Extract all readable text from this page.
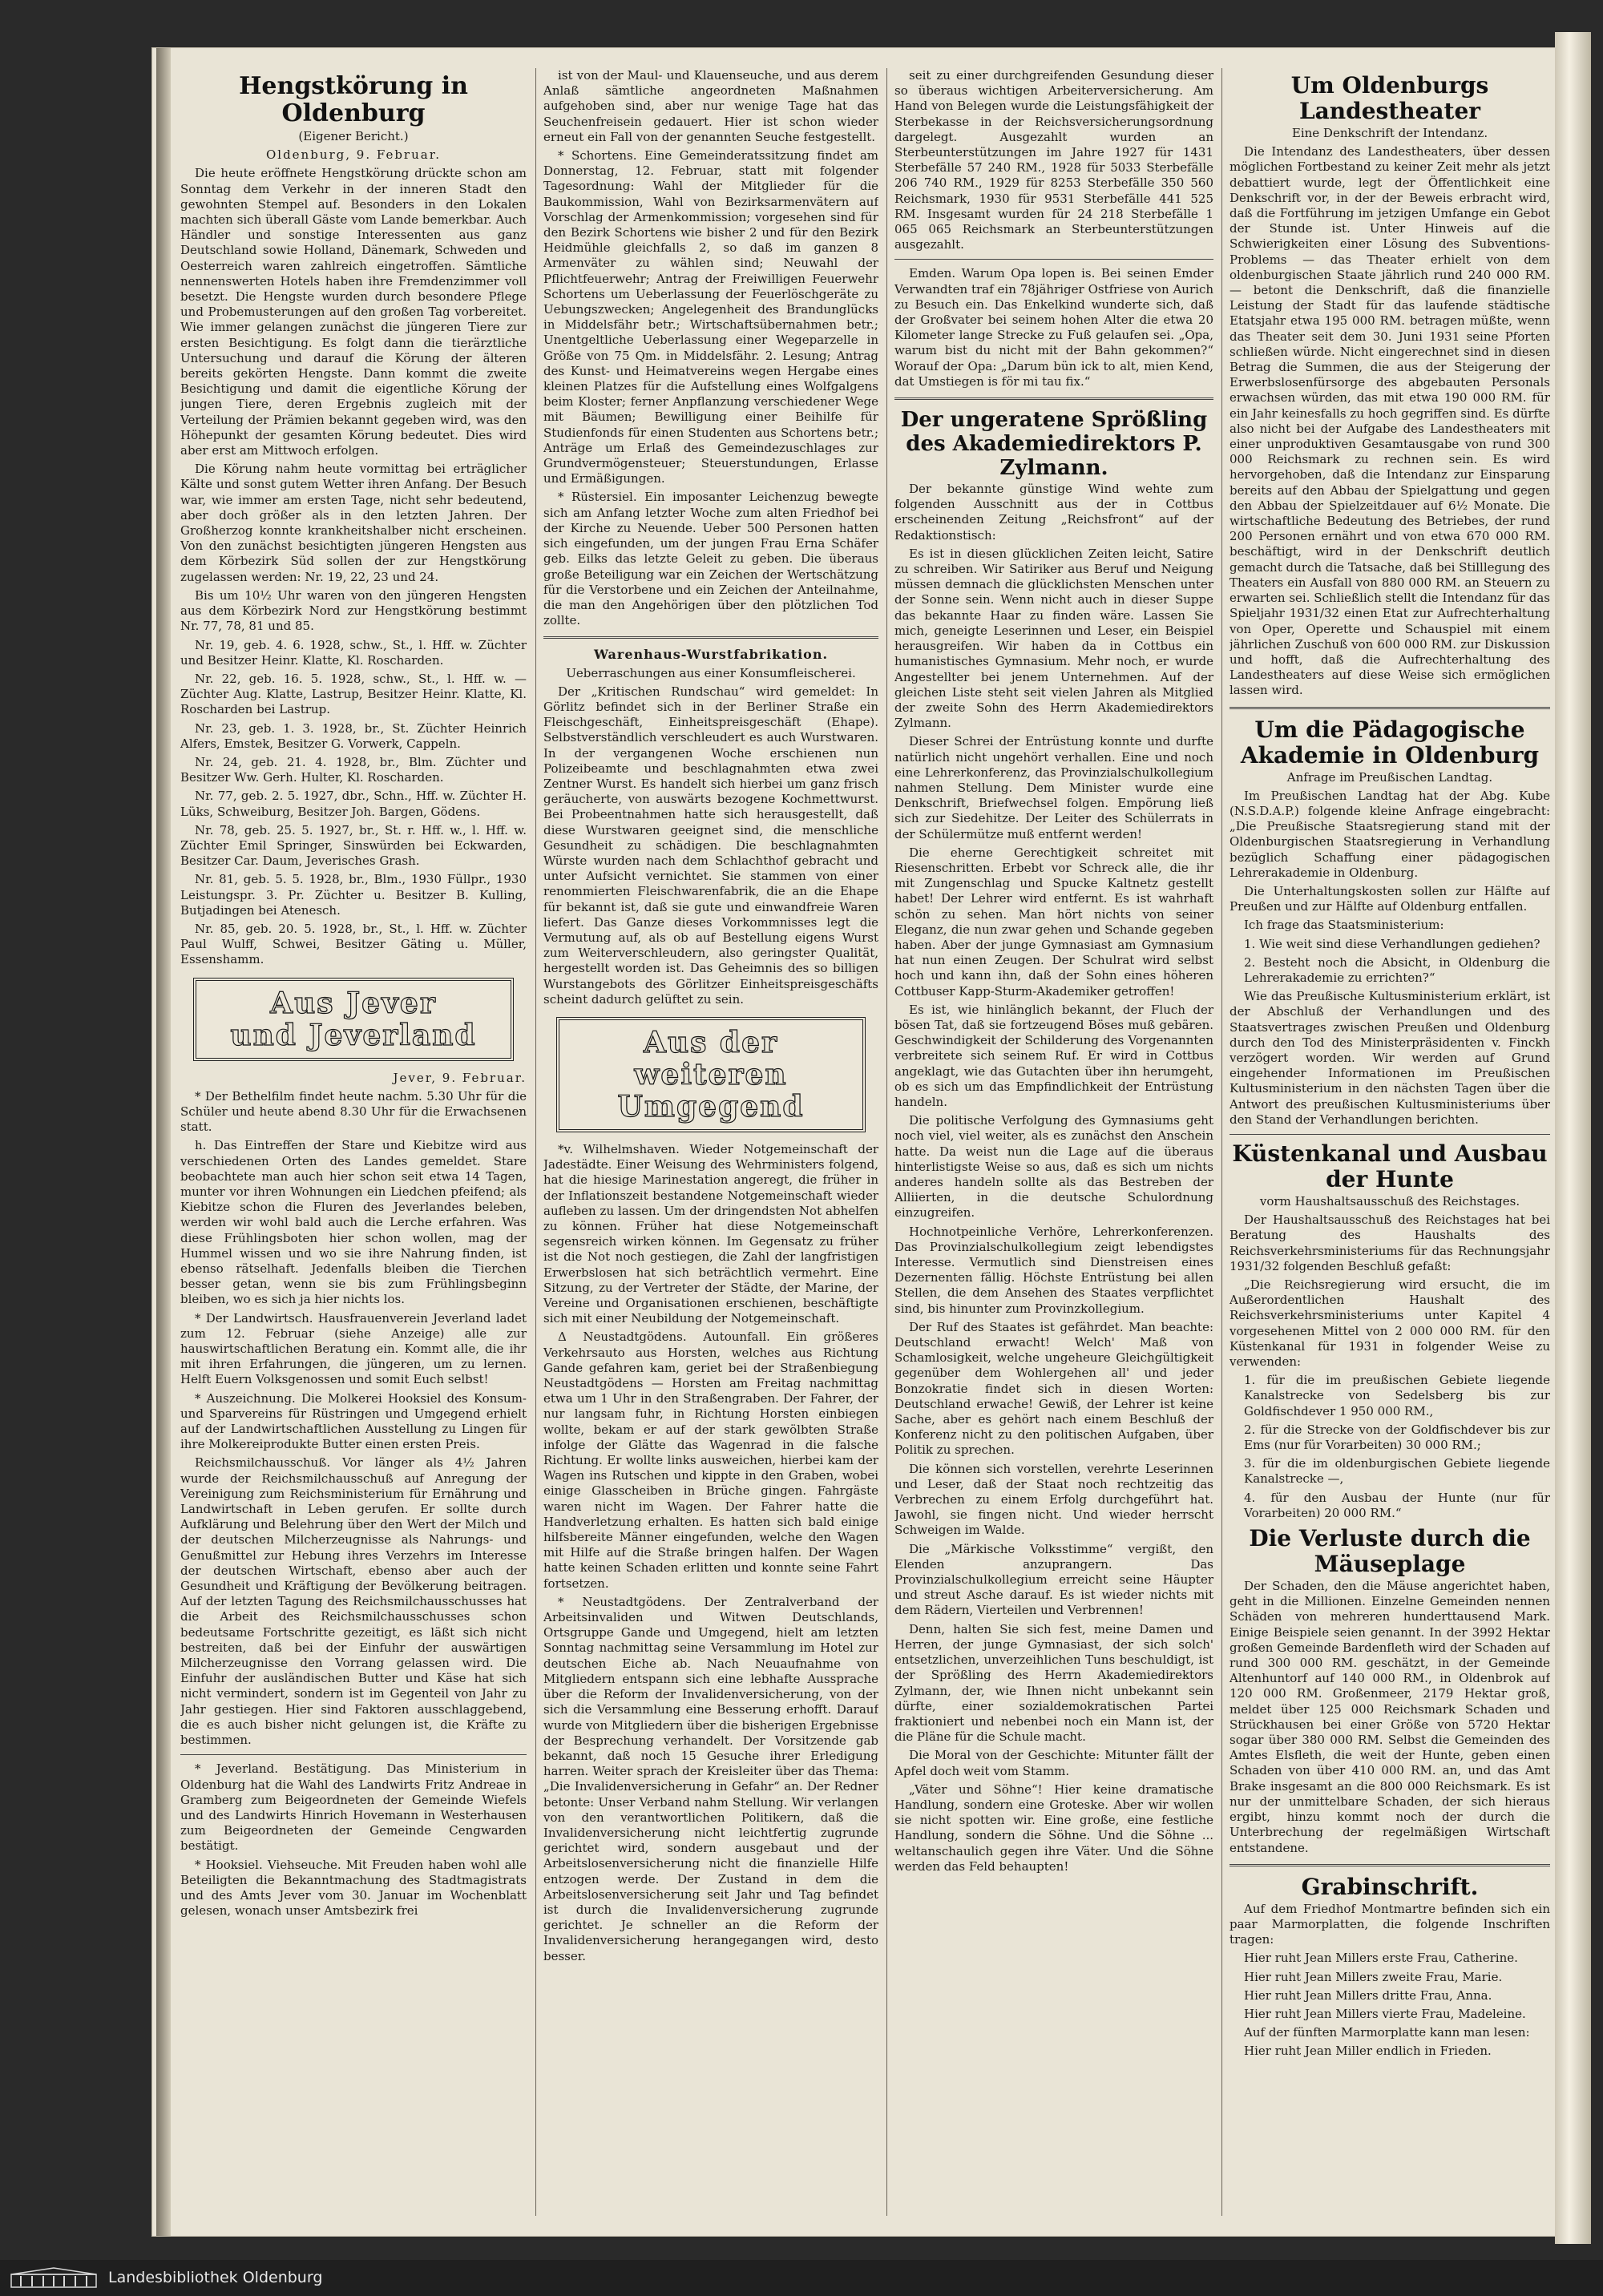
Hengstkörung in Oldenburg
(Eigener Bericht.)
Oldenburg, 9. Februar.

Die heute eröffnete Hengstkörung drückte schon am Sonntag dem Verkehr in der inneren Stadt den gewohnten Stempel auf. Besonders in den Lokalen machten sich überall Gäste vom Lande bemerkbar. Auch Händler und sonstige Interessenten aus ganz Deutschland sowie Holland, Dänemark, Schweden und Oesterreich waren zahlreich eingetroffen. Sämtliche nennenswerten Hotels haben ihre Fremdenzimmer voll besetzt. Die Hengste wurden durch besondere Pflege und Probemusterungen auf den großen Tag vorbereitet. Wie immer gelangen zunächst die jüngeren Tiere zur ersten Besichtigung. Es folgt dann die tierärztliche Untersuchung und darauf die Körung der älteren bereits gekörten Hengste. Dann kommt die zweite Besichtigung und damit die eigentliche Körung der jungen Tiere, deren Ergebnis zugleich mit der Verteilung der Prämien bekannt gegeben wird, was den Höhepunkt der gesamten Körung bedeutet. Dies wird aber erst am Mittwoch erfolgen.

Die Körung nahm heute vormittag bei erträglicher Kälte und sonst gutem Wetter ihren Anfang. Der Besuch war, wie immer am ersten Tage, nicht sehr bedeutend, aber doch größer als in den letzten Jahren. Der Großherzog konnte krankheitshalber nicht erscheinen. Von den zunächst besichtigten jüngeren Hengsten aus dem Körbezirk Süd sollen der zur Hengstkörung zugelassen werden: Nr. 19, 22, 23 und 24.

Bis um 10½ Uhr waren von den jüngeren Hengsten aus dem Körbezirk Nord zur Hengstkörung bestimmt Nr. 77, 78, 81 und 85.

Nr. 19, geb. 4. 6. 1928, schw., St., l. Hff. w. Züchter und Besitzer Heinr. Klatte, Kl. Roscharden.

Nr. 22, geb. 16. 5. 1928, schw., St., l. Hff. w. — Züchter Aug. Klatte, Lastrup, Besitzer Heinr. Klatte, Kl. Roscharden bei Lastrup.

Nr. 23, geb. 1. 3. 1928, br., St. Züchter Heinrich Alfers, Emstek, Besitzer G. Vorwerk, Cappeln.

Nr. 24, geb. 21. 4. 1928, br., Blm. Züchter und Besitzer Ww. Gerh. Hulter, Kl. Roscharden.

Nr. 77, geb. 2. 5. 1927, dbr., Schn., Hff. w. Züchter H. Lüks, Schweiburg, Besitzer Joh. Bargen, Gödens.

Nr. 78, geb. 25. 5. 1927, br., St. r. Hff. w., l. Hff. w. Züchter Emil Springer, Sinswürden bei Eckwarden, Besitzer Car. Daum, Jeverisches Grash.

Nr. 81, geb. 5. 5. 1928, br., Blm., 1930 Füllpr., 1930 Leistungspr. 3. Pr. Züchter u. Besitzer B. Kulling, Butjadingen bei Atenesch.

Nr. 85, geb. 20. 5. 1928, br., St., l. Hff. w. Züchter Paul Wulff, Schwei, Besitzer Gäting u. Müller, Essenshamm.

Aus Jever
und Jeverland
Jever, 9. Februar.

* Der Bethelfilm findet heute nachm. 5.30 Uhr für die Schüler und heute abend 8.30 Uhr für die Erwachsenen statt.

h. Das Eintreffen der Stare und Kiebitze wird aus verschiedenen Orten des Landes gemeldet. Stare beobachtete man auch hier schon seit etwa 14 Tagen, munter vor ihren Wohnungen ein Liedchen pfeifend; als Kiebitze schon die Fluren des Jeverlandes beleben, werden wir wohl bald auch die Lerche erfahren. Was diese Frühlingsboten hier schon wollen, mag der Hummel wissen und wo sie ihre Nahrung finden, ist ebenso rätselhaft. Jedenfalls bleiben die Tierchen besser getan, wenn sie bis zum Frühlingsbeginn bleiben, wo es sich ja hier nichts los.

* Der Landwirtsch. Hausfrauenverein Jeverland ladet zum 12. Februar (siehe Anzeige) alle zur hauswirtschaftlichen Beratung ein. Kommt alle, die ihr mit ihren Erfahrungen, die jüngeren, um zu lernen. Helft Euern Volksgenossen und somit Euch selbst!

* Auszeichnung. Die Molkerei Hooksiel des Konsum- und Sparvereins für Rüstringen und Umgegend erhielt auf der Landwirtschaftlichen Ausstellung zu Lingen für ihre Molkereiprodukte Butter einen ersten Preis.

Reichsmilchausschuß. Vor länger als 4½ Jahren wurde der Reichsmilchausschuß auf Anregung der Vereinigung zum Reichsministerium für Ernährung und Landwirtschaft in Leben gerufen. Er sollte durch Aufklärung und Belehrung über den Wert der Milch und der deutschen Milcherzeugnisse als Nahrungs- und Genußmittel zur Hebung ihres Verzehrs im Interesse der deutschen Wirtschaft, ebenso aber auch der Gesundheit und Kräftigung der Bevölkerung beitragen. Auf der letzten Tagung des Reichsmilchausschusses hat die Arbeit des Reichsmilchausschusses schon bedeutsame Fortschritte gezeitigt, es läßt sich nicht bestreiten, daß bei der Einfuhr der auswärtigen Milcherzeugnisse den Vorrang gelassen wird. Die Einfuhr der ausländischen Butter und Käse hat sich nicht vermindert, sondern ist im Gegenteil von Jahr zu Jahr gestiegen. Hier sind Faktoren ausschlaggebend, die es auch bisher nicht gelungen ist, die Kräfte zu bestimmen.

* Jeverland. Bestätigung. Das Ministerium in Oldenburg hat die Wahl des Landwirts Fritz Andreae in Gramberg zum Beigeordneten der Gemeinde Wiefels und des Landwirts Hinrich Hovemann in Westerhausen zum Beigeordneten der Gemeinde Cengwarden bestätigt.

* Hooksiel. Viehseuche. Mit Freuden haben wohl alle Beteiligten die Bekanntmachung des Stadtmagistrats und des Amts Jever vom 30. Januar im Wochenblatt gelesen, wonach unser Amtsbezirk frei

ist von der Maul- und Klauenseuche, und aus derem Anlaß sämtliche angeordneten Maßnahmen aufgehoben sind, aber nur wenige Tage hat das Seuchenfreisein gedauert. Hier ist schon wieder erneut ein Fall von der genannten Seuche festgestellt.

* Schortens. Eine Gemeinderatssitzung findet am Donnerstag, 12. Februar, statt mit folgender Tagesordnung: Wahl der Mitglieder für die Baukommission, Wahl von Bezirksarmenvätern auf Vorschlag der Armenkommission; vorgesehen sind für den Bezirk Schortens wie bisher 2 und für den Bezirk Heidmühle gleichfalls 2, so daß im ganzen 8 Armenväter zu wählen sind; Neuwahl der Pflichtfeuerwehr; Antrag der Freiwilligen Feuerwehr Schortens um Ueberlassung der Feuerlöschgeräte zu Uebungszwecken; Angelegenheit des Brandunglücks in Middelsfähr betr.; Wirtschaftsübernahmen betr.; Unentgeltliche Ueberlassung einer Wegeparzelle in Größe von 75 Qm. in Middelsfähr. 2. Lesung; Antrag des Kunst- und Heimatvereins wegen Hergabe eines kleinen Platzes für die Aufstellung eines Wolfgalgens beim Kloster; ferner Anpflanzung verschiedener Wege mit Bäumen; Bewilligung einer Beihilfe für Studienfonds für einen Studenten aus Schortens betr.; Anträge um Erlaß des Gemeindezuschlages zur Grundvermögensteuer; Steuerstundungen, Erlasse und Ermäßigungen.

* Rüstersiel. Ein imposanter Leichenzug bewegte sich am Anfang letzter Woche zum alten Friedhof bei der Kirche zu Neuende. Ueber 500 Personen hatten sich eingefunden, um der jungen Frau Erna Schäfer geb. Eilks das letzte Geleit zu geben. Die überaus große Beteiligung war ein Zeichen der Wertschätzung für die Verstorbene und ein Zeichen der Anteilnahme, die man den Angehörigen über den plötzlichen Tod zollte.

Warenhaus-Wurstfabrikation.
Ueberraschungen aus einer Konsumfleischerei.

Der „Kritischen Rundschau“ wird gemeldet: In Görlitz befindet sich in der Berliner Straße ein Fleischgeschäft, Einheitspreisgeschäft (Ehape). Selbstverständlich verschleudert es auch Wurstwaren. In der vergangenen Woche erschienen nun Polizeibeamte und beschlagnahmten etwa zwei Zentner Wurst. Es handelt sich hierbei um ganz frisch geräucherte, von auswärts bezogene Kochmettwurst. Bei Probeentnahmen hatte sich herausgestellt, daß diese Wurstwaren geeignet sind, die menschliche Gesundheit zu schädigen. Die beschlagnahmten Würste wurden nach dem Schlachthof gebracht und unter Aufsicht vernichtet. Sie stammen von einer renommierten Fleischwarenfabrik, die an die Ehape für bekannt ist, daß sie gute und einwandfreie Waren liefert. Das Ganze dieses Vorkommnisses legt die Vermutung auf, als ob auf Bestellung eigens Wurst zum Weiterverschleudern, also geringster Qualität, hergestellt worden ist. Das Geheimnis des so billigen Wurstangebots des Görlitzer Einheitspreisgeschäfts scheint dadurch gelüftet zu sein.

Aus der weiteren
Umgegend

*v. Wilhelmshaven. Wieder Notgemeinschaft der Jadestädte. Einer Weisung des Wehrministers folgend, hat die hiesige Marinestation angeregt, die früher in der Inflationszeit bestandene Notgemeinschaft wieder aufleben zu lassen. Um der dringendsten Not abhelfen zu können. Früher hat diese Notgemeinschaft segensreich wirken können. Im Gegensatz zu früher ist die Not noch gestiegen, die Zahl der langfristigen Erwerbslosen hat sich beträchtlich vermehrt. Eine Sitzung, zu der Vertreter der Städte, der Marine, der Vereine und Organisationen erschienen, beschäftigte sich mit einer Neubildung der Notgemeinschaft.

Δ Neustadtgödens. Autounfall. Ein größeres Verkehrsauto aus Horsten, welches aus Richtung Gande gefahren kam, geriet bei der Straßenbiegung Neustadtgödens — Horsten am Freitag nachmittag etwa um 1 Uhr in den Straßengraben. Der Fahrer, der nur langsam fuhr, in Richtung Horsten einbiegen wollte, bekam er auf der stark gewölbten Straße infolge der Glätte das Wagenrad in die falsche Richtung. Er wollte links ausweichen, hierbei kam der Wagen ins Rutschen und kippte in den Graben, wobei einige Glasscheiben in Brüche gingen. Fahrgäste waren nicht im Wagen. Der Fahrer hatte die Handverletzung erhalten. Es hatten sich bald einige hilfsbereite Männer eingefunden, welche den Wagen mit Hilfe auf die Straße bringen halfen. Der Wagen hatte keinen Schaden erlitten und konnte seine Fahrt fortsetzen.

* Neustadtgödens. Der Zentralverband der Arbeitsinvaliden und Witwen Deutschlands, Ortsgruppe Gande und Umgegend, hielt am letzten Sonntag nachmittag seine Versammlung im Hotel zur deutschen Eiche ab. Nach Neuaufnahme von Mitgliedern entspann sich eine lebhafte Aussprache über die Reform der Invalidenversicherung, von der sich die Versammlung eine Besserung erhofft. Darauf wurde von Mitgliedern über die bisherigen Ergebnisse der Besprechung verhandelt. Der Vorsitzende gab bekannt, daß noch 15 Gesuche ihrer Erledigung harren. Weiter sprach der Kreisleiter über das Thema: „Die Invalidenversicherung in Gefahr“ an. Der Redner betonte: Unser Verband nahm Stellung. Wir verlangen von den verantwortlichen Politikern, daß die Invalidenversicherung nicht leichtfertig zugrunde gerichtet wird, sondern ausgebaut und der Arbeitslosenversicherung nicht die finanzielle Hilfe entzogen werde. Der Zustand in dem die Arbeitslosenversicherung seit Jahr und Tag befindet ist durch die Invalidenversicherung zugrunde gerichtet. Je schneller an die Reform der Invalidenversicherung herangegangen wird, desto besser.

seit zu einer durchgreifenden Gesundung dieser so überaus wichtigen Arbeiterversicherung. Am Hand von Belegen wurde die Leistungsfähigkeit der Sterbekasse in der Reichsversicherungsordnung dargelegt. Ausgezahlt wurden an Sterbeunterstützungen im Jahre 1927 für 1431 Sterbefälle 57 240 RM., 1928 für 5033 Sterbefälle 206 740 RM., 1929 für 8253 Sterbefälle 350 560 Reichsmark, 1930 für 9531 Sterbefälle 441 525 RM. Insgesamt wurden für 24 218 Sterbefälle 1 065 065 Reichsmark an Sterbeunterstützungen ausgezahlt.

Emden. Warum Opa lopen is. Bei seinen Emder Verwandten traf ein 78jähriger Ostfriese von Aurich zu Besuch ein. Das Enkelkind wunderte sich, daß der Großvater bei seinem hohen Alter die etwa 20 Kilometer lange Strecke zu Fuß gelaufen sei. „Opa, warum bist du nicht mit der Bahn gekommen?“ Worauf der Opa: „Darum bün ick to alt, mien Kend, dat Umstiegen is för mi tau fix.“

Der ungeratene Sprößling des Akademiedirektors P. Zylmann.

Der bekannte günstige Wind wehte zum folgenden Ausschnitt aus der in Cottbus erscheinenden Zeitung „Reichsfront“ auf der Redaktionstisch:

Es ist in diesen glücklichen Zeiten leicht, Satire zu schreiben. Wir Satiriker aus Beruf und Neigung müssen demnach die glücklichsten Menschen unter der Sonne sein. Wenn nicht auch in dieser Suppe das bekannte Haar zu finden wäre. Lassen Sie mich, geneigte Leserinnen und Leser, ein Beispiel herausgreifen. Wir haben da in Cottbus ein humanistisches Gymnasium. Mehr noch, er wurde Angestellter bei jenem Unternehmen. Auf der gleichen Liste steht seit vielen Jahren als Mitglied der zweite Sohn des Herrn Akademiedirektors Zylmann.

Dieser Schrei der Entrüstung konnte und durfte natürlich nicht ungehört verhallen. Eine und noch eine Lehrerkonferenz, das Provinzialschulkollegium nahmen Stellung. Dem Minister wurde eine Denkschrift, Briefwechsel folgen. Empörung ließ sich zur Siedehitze. Der Leiter des Schülerrats in der Schülermütze muß entfernt werden!

Die eherne Gerechtigkeit schreitet mit Riesenschritten. Erbebt vor Schreck alle, die ihr mit Zungenschlag und Spucke Kaltnetz gestellt habet! Der Lehrer wird entfernt. Es ist wahrhaft schön zu sehen. Man hört nichts von seiner Eleganz, die nun zwar gehen und Schande gegeben haben. Aber der junge Gymnasiast am Gymnasium hat nun einen Zeugen. Der Schulrat wird selbst hoch und kann ihn, daß der Sohn eines höheren Cottbuser Kapp-Sturm-Akademiker getroffen!

Es ist, wie hinlänglich bekannt, der Fluch der bösen Tat, daß sie fortzeugend Böses muß gebären. Geschwindigkeit der Schilderung des Vorgenannten verbreitete sich seinem Ruf. Er wird in Cottbus angeklagt, wie das Gutachten über ihn herumgeht, ob es sich um das Empfindlichkeit der Entrüstung handeln.

Die politische Verfolgung des Gymnasiums geht noch viel, viel weiter, als es zunächst den Anschein hatte. Da weist nun die Lage auf die überaus hinterlistigste Weise so aus, daß es sich um nichts anderes handeln sollte als das Bestreben der Alliierten, in die deutsche Schulordnung einzugreifen.

Hochnotpeinliche Verhöre, Lehrerkonferenzen. Das Provinzialschulkollegium zeigt lebendigstes Interesse. Vermutlich sind Dienstreisen eines Dezernenten fällig. Höchste Entrüstung bei allen Stellen, die dem Ansehen des Staates verpflichtet sind, bis hinunter zum Provinzkollegium.

Der Ruf des Staates ist gefährdet. Man beachte: Deutschland erwacht! Welch' Maß von Schamlosigkeit, welche ungeheure Gleichgültigkeit gegenüber dem Wohlergehen all' und jeder Bonzokratie findet sich in diesen Worten: Deutschland erwache! Gewiß, der Lehrer ist keine Sache, aber es gehört nach einem Beschluß der Konferenz nicht zu den politischen Aufgaben, über Politik zu sprechen.

Die können sich vorstellen, verehrte Leserinnen und Leser, daß der Staat noch rechtzeitig das Verbrechen zu einem Erfolg durchgeführt hat. Jawohl, sie fingen nicht. Und wieder herrscht Schweigen im Walde.

Die „Märkische Volksstimme“ vergißt, den Elenden anzuprangern. Das Provinzialschulkollegium erreicht seine Häupter und streut Asche darauf. Es ist wieder nichts mit dem Rädern, Vierteilen und Verbrennen!

Denn, halten Sie sich fest, meine Damen und Herren, der junge Gymnasiast, der sich solch' entsetzlichen, unverzeihlichen Tuns beschuldigt, ist der Sprößling des Herrn Akademiedirektors Zylmann, der, wie Ihnen nicht unbekannt sein dürfte, einer sozialdemokratischen Partei fraktioniert und nebenbei noch ein Mann ist, der die Pläne für die Schule macht.

Die Moral von der Geschichte: Mitunter fällt der Apfel doch weit vom Stamm.

„Väter und Söhne“! Hier keine dramatische Handlung, sondern eine Groteske. Aber wir wollen sie nicht spotten wir. Eine große, eine festliche Handlung, sondern die Söhne. Und die Söhne ... weltanschaulich gegen ihre Väter. Und die Söhne werden das Feld behaupten!

Um Oldenburgs Landestheater
Eine Denkschrift der Intendanz.

Die Intendanz des Landestheaters, über dessen möglichen Fortbestand zu keiner Zeit mehr als jetzt debattiert wurde, legt der Öffentlichkeit eine Denkschrift vor, in der der Beweis erbracht wird, daß die Fortführung im jetzigen Umfange ein Gebot der Stunde ist. Unter Hinweis auf die Schwierigkeiten einer Lösung des Subventions-Problems — das Theater erhielt von dem oldenburgischen Staate jährlich rund 240 000 RM. — betont die Denkschrift, daß die finanzielle Leistung der Stadt für das laufende städtische Etatsjahr etwa 195 000 RM. betragen müßte, wenn das Theater seit dem 30. Juni 1931 seine Pforten schließen würde. Nicht eingerechnet sind in diesen Betrag die Summen, die aus der Steigerung der Erwerbslosenfürsorge des abgebauten Personals erwachsen würden, das mit etwa 190 000 RM. für ein Jahr keinesfalls zu hoch gegriffen sind. Es dürfte also nicht bei der Aufgabe des Landestheaters mit einer unproduktiven Gesamtausgabe von rund 300 000 Reichsmark zu rechnen sein. Es wird hervorgehoben, daß die Intendanz zur Einsparung bereits auf den Abbau der Spielgattung und gegen den Abbau der Spielzeitdauer auf 6½ Monate. Die wirtschaftliche Bedeutung des Betriebes, der rund 200 Personen ernährt und von etwa 670 000 RM. beschäftigt, wird in der Denkschrift deutlich gemacht durch die Tatsache, daß bei Stilllegung des Theaters ein Ausfall von 880 000 RM. an Steuern zu erwarten sei. Schließlich stellt die Intendanz für das Spieljahr 1931/32 einen Etat zur Aufrechterhaltung von Oper, Operette und Schauspiel mit einem jährlichen Zuschuß von 600 000 RM. zur Diskussion und hofft, daß die Aufrechterhaltung des Landestheaters auf diese Weise sich ermöglichen lassen wird.

Um die Pädagogische Akademie in Oldenburg
Anfrage im Preußischen Landtag.

Im Preußischen Landtag hat der Abg. Kube (N.S.D.A.P.) folgende kleine Anfrage eingebracht: „Die Preußische Staatsregierung stand mit der Oldenburgischen Staatsregierung in Verhandlung bezüglich Schaffung einer pädagogischen Lehrerakademie in Oldenburg.

Die Unterhaltungskosten sollen zur Hälfte auf Preußen und zur Hälfte auf Oldenburg entfallen.

Ich frage das Staatsministerium:

1. Wie weit sind diese Verhandlungen gediehen?

2. Besteht noch die Absicht, in Oldenburg die Lehrerakademie zu errichten?“

Wie das Preußische Kultusministerium erklärt, ist der Abschluß der Verhandlungen und des Staatsvertrages zwischen Preußen und Oldenburg durch den Tod des Ministerpräsidenten v. Finckh verzögert worden. Wir werden auf Grund eingehender Informationen im Preußischen Kultusministerium in den nächsten Tagen über die Antwort des preußischen Kultusministeriums über den Stand der Verhandlungen berichten.

Küstenkanal und Ausbau der Hunte
vorm Haushaltsausschuß des Reichstages.

Der Haushaltsausschuß des Reichstages hat bei Beratung des Haushalts des Reichsverkehrsministeriums für das Rechnungsjahr 1931/32 folgenden Beschluß gefaßt:

„Die Reichsregierung wird ersucht, die im Außerordentlichen Haushalt des Reichsverkehrsministeriums unter Kapitel 4 vorgesehenen Mittel von 2 000 000 RM. für den Küstenkanal für 1931 in folgender Weise zu verwenden:

1. für die im preußischen Gebiete liegende Kanalstrecke von Sedelsberg bis zur Goldfischdever 1 950 000 RM.,

2. für die Strecke von der Goldfischdever bis zur Ems (nur für Vorarbeiten) 30 000 RM.;

3. für die im oldenburgischen Gebiete liegende Kanalstrecke —,

4. für den Ausbau der Hunte (nur für Vorarbeiten) 20 000 RM.“

Die Verluste durch die Mäuseplage

Der Schaden, den die Mäuse angerichtet haben, geht in die Millionen. Einzelne Gemeinden nennen Schäden von mehreren hunderttausend Mark. Einige Beispiele seien genannt. In der 3992 Hektar großen Gemeinde Bardenfleth wird der Schaden auf rund 300 000 RM. geschätzt, in der Gemeinde Altenhuntorf auf 140 000 RM., in Oldenbrok auf 120 000 RM. Großenmeer, 2179 Hektar groß, meldet über 125 000 Reichsmark Schaden und Strückhausen bei einer Größe von 5720 Hektar sogar über 380 000 RM. Selbst die Gemeinden des Amtes Elsfleth, die weit der Hunte, geben einen Schaden von über 410 000 RM. an, und das Amt Brake insgesamt an die 800 000 Reichsmark. Es ist nur der unmittelbare Schaden, der sich hieraus ergibt, hinzu kommt noch der durch die Unterbrechung der regelmäßigen Wirtschaft entstandene.

Grabinschrift.

Auf dem Friedhof Montmartre befinden sich ein paar Marmorplatten, die folgende Inschriften tragen:

Hier ruht Jean Millers erste Frau, Catherine.

Hier ruht Jean Millers zweite Frau, Marie.

Hier ruht Jean Millers dritte Frau, Anna.

Hier ruht Jean Millers vierte Frau, Madeleine.

Auf der fünften Marmorplatte kann man lesen:

Hier ruht Jean Miller endlich in Frieden.

Landesbibliothek Oldenburg
